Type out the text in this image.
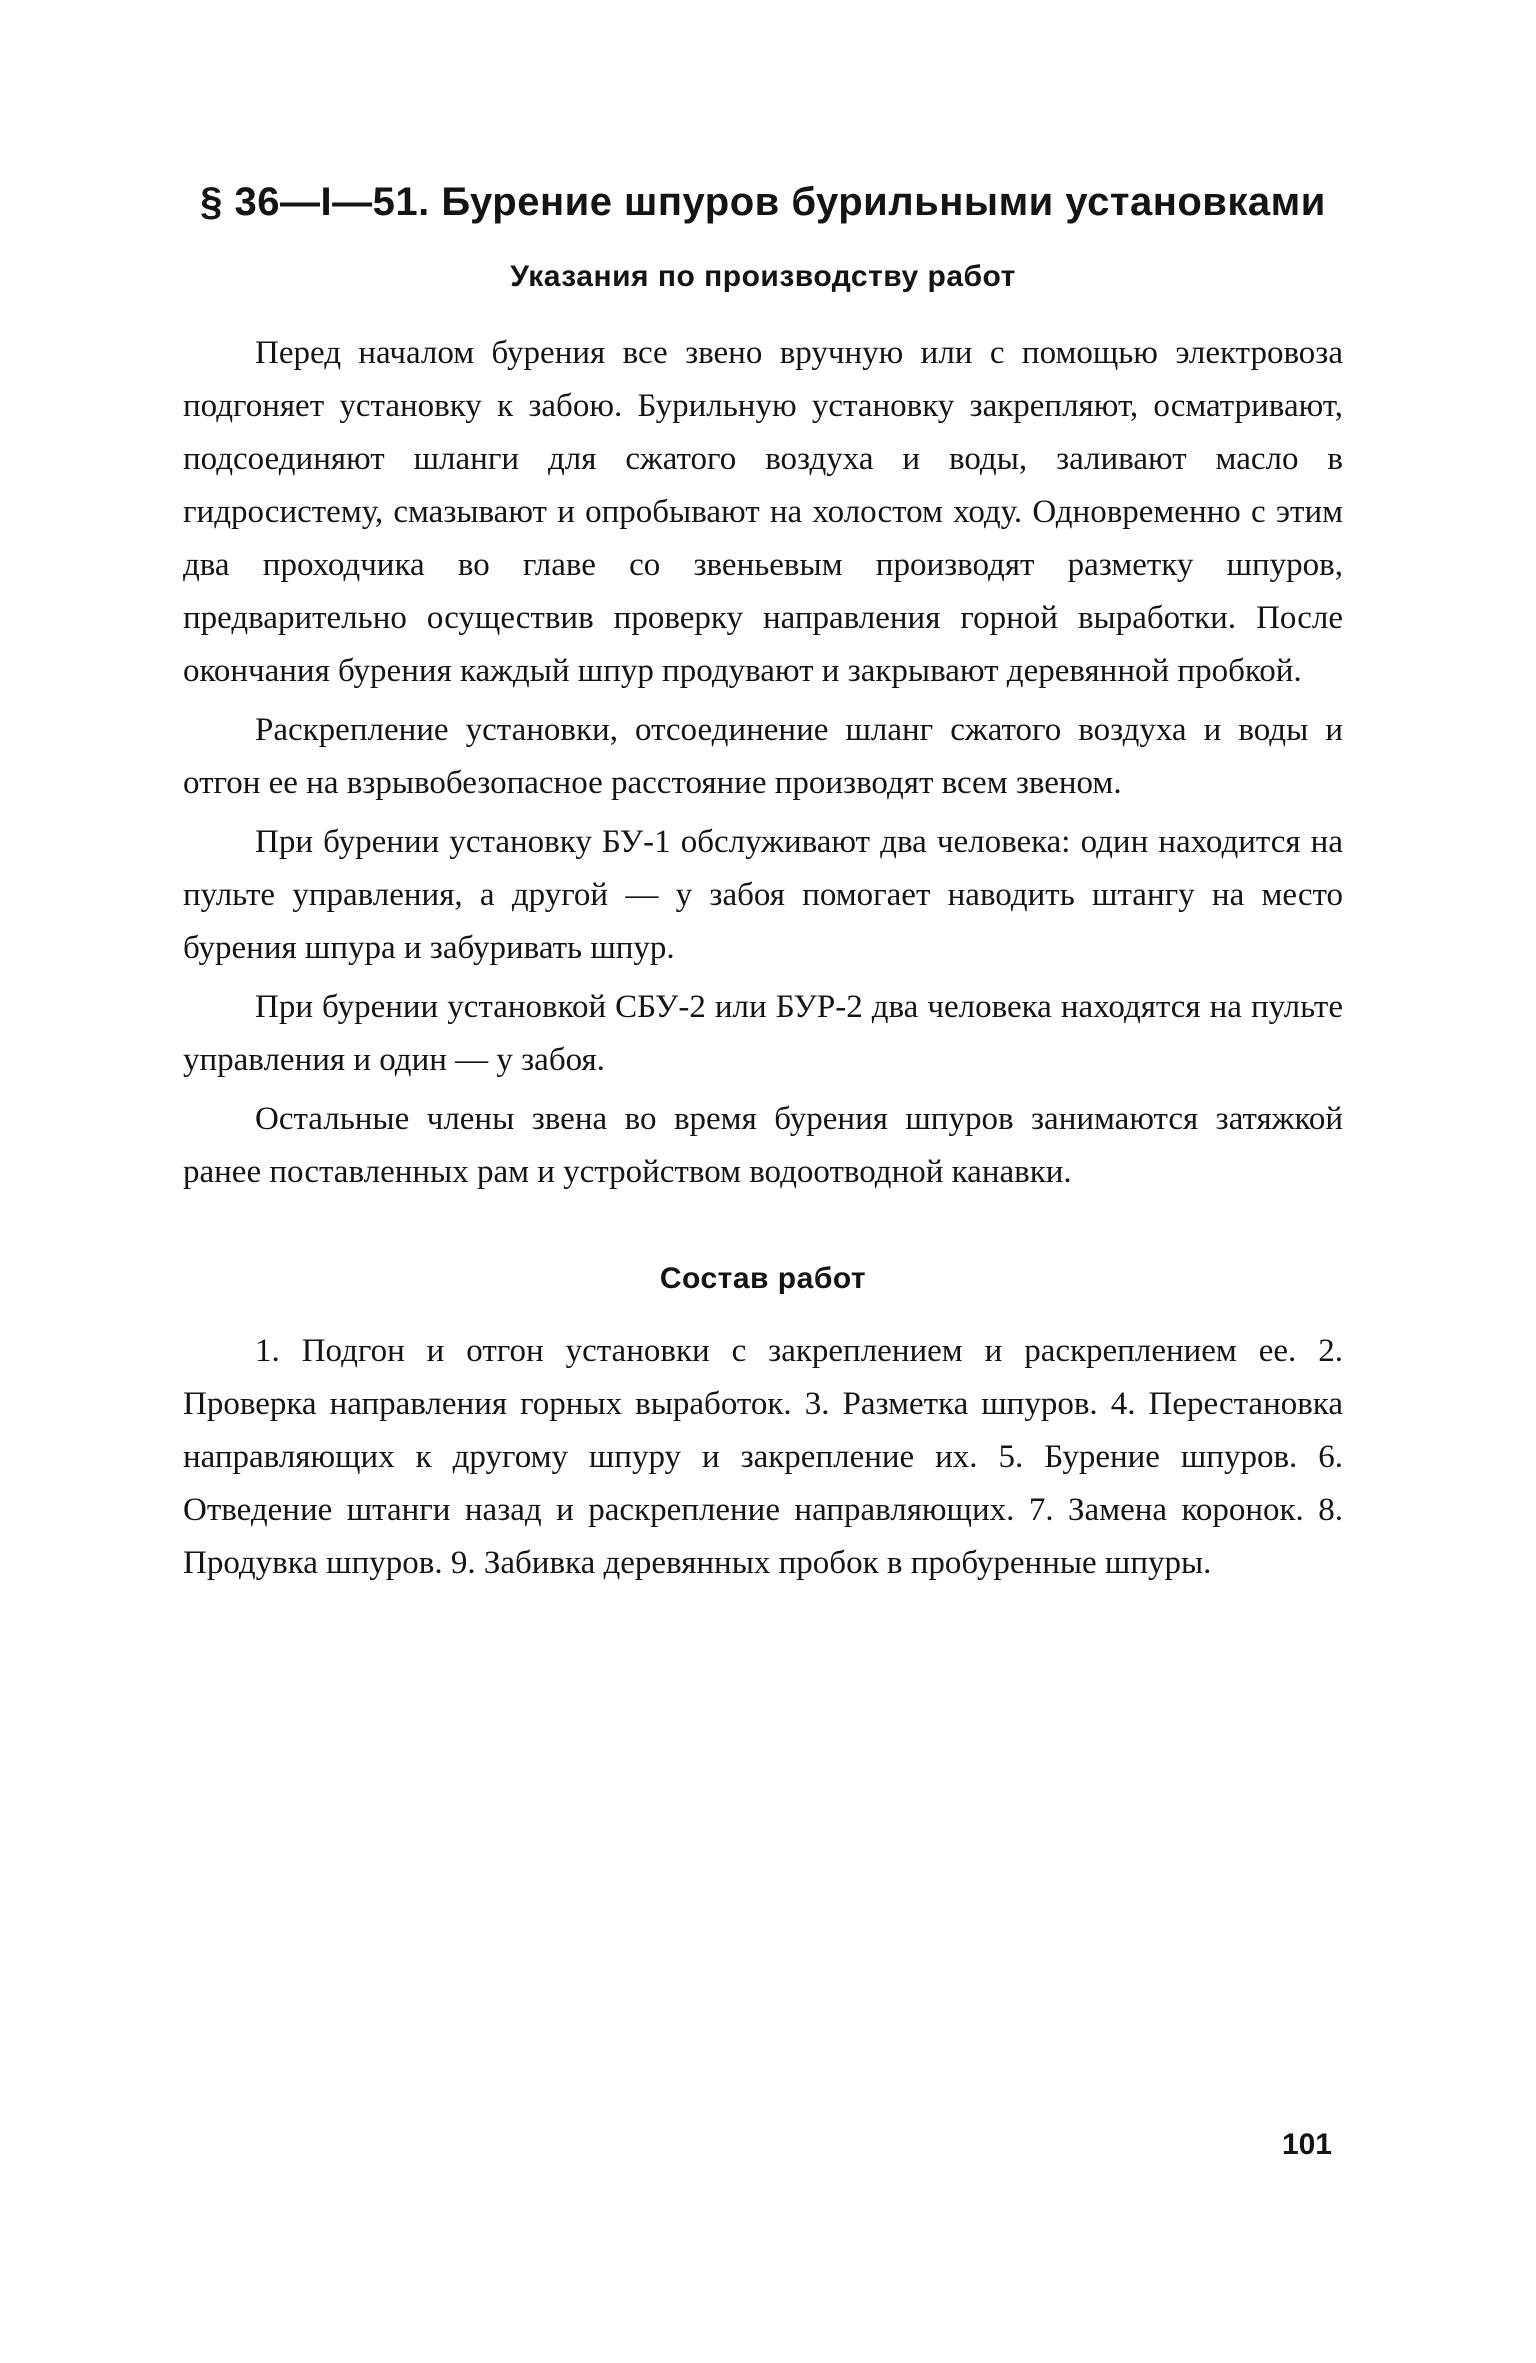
§ 36—I—51. Бурение шпуров бурильными установками
Указания по производству работ

Перед началом бурения все звено вручную или с помощью электровоза подгоняет установку к забою. Бурильную установку закрепляют, осматривают, подсоединяют шланги для сжатого воздуха и воды, заливают масло в гидросистему, смазывают и опробывают на холостом ходу. Одновременно с этим два проходчика во главе со звеньевым производят разметку шпуров, предварительно осуществив проверку направления горной выработки. После окончания бурения каждый шпур продувают и закрывают деревянной пробкой.

Раскрепление установки, отсоединение шланг сжатого воздуха и воды и отгон ее на взрывобезопасное расстояние производят всем звеном.

При бурении установку БУ-1 обслуживают два человека: один находится на пульте управления, а другой — у забоя помогает наводить штангу на место бурения шпура и забуривать шпур.

При бурении установкой СБУ-2 или БУР-2 два человека находятся на пульте управления и один — у забоя.

Остальные члены звена во время бурения шпуров занимаются затяжкой ранее поставленных рам и устройством водоотводной канавки.

Состав работ

1. Подгон и отгон установки с закреплением и раскреплением ее. 2. Проверка направления горных выработок. 3. Разметка шпуров. 4. Перестановка направляющих к другому шпуру и закрепление их. 5. Бурение шпуров. 6. Отведение штанги назад и раскрепление направляющих. 7. Замена коронок. 8. Продувка шпуров. 9. Забивка деревянных пробок в пробуренные шпуры.

101
